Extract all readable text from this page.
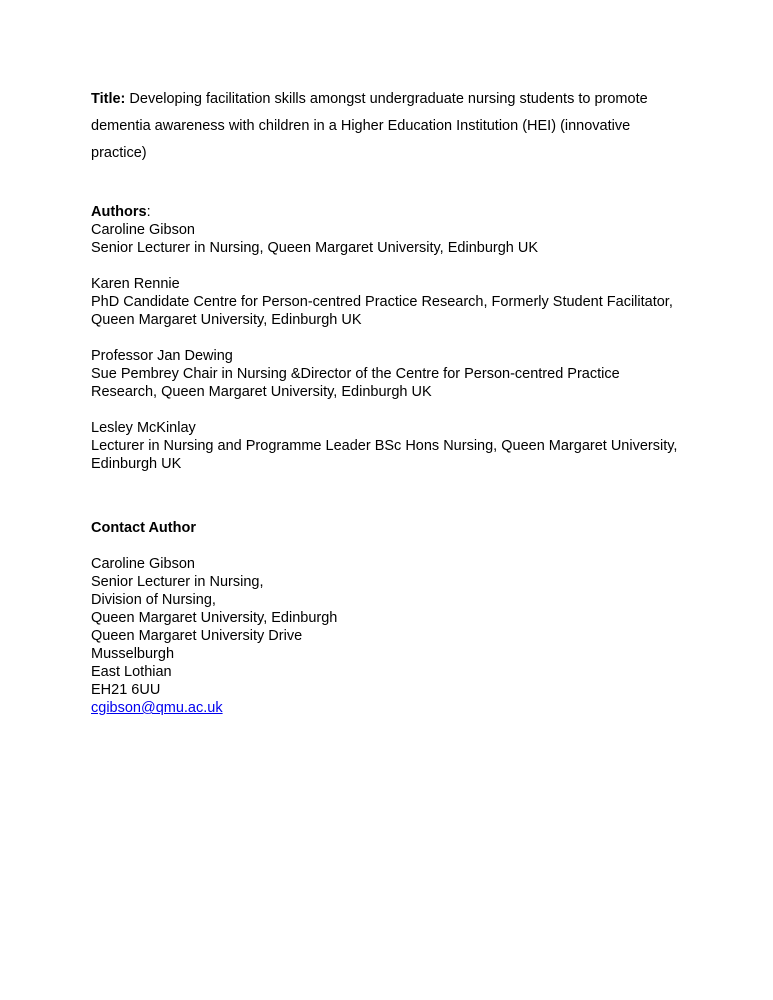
Title: Developing facilitation skills amongst undergraduate nursing students to promote dementia awareness with children in a Higher Education Institution (HEI) (innovative practice)

Authors:

Caroline Gibson
Senior Lecturer in Nursing, Queen Margaret University, Edinburgh UK

Karen Rennie
PhD Candidate Centre for Person-centred Practice Research, Formerly Student Facilitator, Queen Margaret University, Edinburgh UK

Professor Jan Dewing
Sue Pembrey Chair in Nursing &Director of the Centre for Person-centred Practice Research, Queen Margaret University, Edinburgh UK

Lesley McKinlay
Lecturer in Nursing and Programme Leader BSc Hons Nursing, Queen Margaret University, Edinburgh UK

Contact Author

Caroline Gibson
Senior Lecturer in Nursing,
Division of Nursing,
Queen Margaret University, Edinburgh
Queen Margaret University Drive
Musselburgh
East Lothian
EH21 6UU
cgibson@qmu.ac.uk
